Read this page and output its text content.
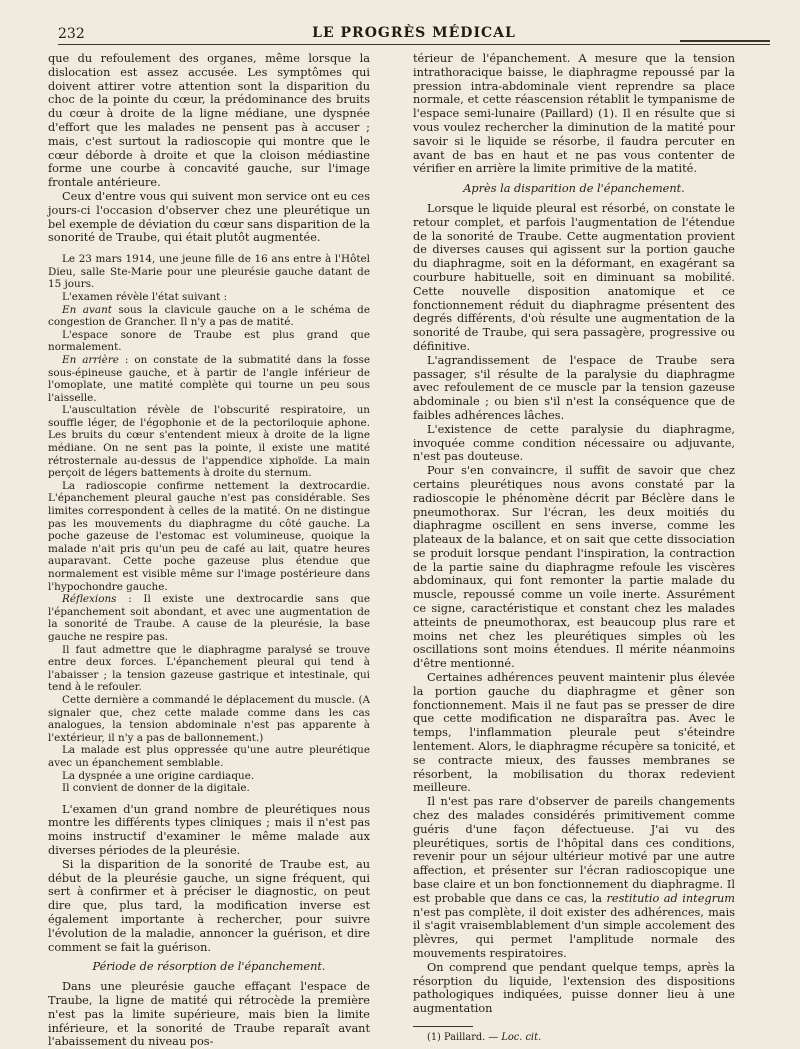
232	LE PROGRÈS MÉDICAL

que du refoulement des organes, même lorsque la dislocation est assez accusée. Les symptômes qui doivent attirer votre attention sont la disparition du choc de la pointe du cœur, la prédominance des bruits du cœur à droite de la ligne médiane, une dyspnée d'effort que les malades ne pensent pas à accuser ; mais, c'est surtout la radioscopie qui montre que le cœur déborde à droite et que la cloison médiastine forme une courbe à concavité gauche, sur l'image frontale antérieure.

Ceux d'entre vous qui suivent mon service ont eu ces jours-ci l'occasion d'observer chez une pleurétique un bel exemple de déviation du cœur sans disparition de la sonorité de Traube, qui était plutôt augmentée.

Le 23 mars 1914, une jeune fille de 16 ans entre à l'Hôtel Dieu, salle Ste-Marie pour une pleurésie gauche datant de 15 jours.

L'examen révèle l'état suivant :

En avant sous la clavicule gauche on a le schéma de congestion de Grancher. Il n'y a pas de matité.

L'espace sonore de Traube est plus grand que normalement.

En arrière : on constate de la submatité dans la fosse sous-épineuse gauche, et à partir de l'angle inférieur de l'omoplate, une matité complète qui tourne un peu sous l'aisselle.

L'auscultation révèle de l'obscurité respiratoire, un souffle léger, de l'égophonie et de la pectoriloquie aphone. Les bruits du cœur s'entendent mieux à droite de la ligne médiane. On ne sent pas la pointe, il existe une matité rétrosternale au-dessus de l'appendice xiphoïde. La main perçoit de légers battements à droite du sternum.

La radioscopie confirme nettement la dextrocardie. L'épanchement pleural gauche n'est pas considérable. Ses limites correspondent à celles de la matité. On ne distingue pas les mouvements du diaphragme du côté gauche. La poche gazeuse de l'estomac est volumineuse, quoique la malade n'ait pris qu'un peu de café au lait, quatre heures auparavant. Cette poche gazeuse plus étendue que normalement est visible même sur l'image postérieure dans l'hypochondre gauche.

Réflexions : Il existe une dextrocardie sans que l'épanchement soit abondant, et avec une augmentation de la sonorité de Traube. A cause de la pleurésie, la base gauche ne respire pas.

Il faut admettre que le diaphragme paralysé se trouve entre deux forces. L'épanchement pleural qui tend à l'abaisser ; la tension gazeuse gastrique et intestinale, qui tend à le refouler.

Cette dernière a commandé le déplacement du muscle. (A signaler que, chez cette malade comme dans les cas analogues, la tension abdominale n'est pas apparente à l'extérieur, il n'y a pas de ballonnement.)

La malade est plus oppressée qu'une autre pleurétique avec un épanchement semblable.

La dyspnée a une origine cardiaque.

Il convient de donner de la digitale.

L'examen d'un grand nombre de pleurétiques nous montre les différents types cliniques ; mais il n'est pas moins instructif d'examiner le même malade aux diverses périodes de la pleurésie.

Si la disparition de la sonorité de Traube est, au début de la pleurésie gauche, un signe fréquent, qui sert à confirmer et à préciser le diagnostic, on peut dire que, plus tard, la modification inverse est également importante à rechercher, pour suivre l'évolution de la maladie, annoncer la guérison, et dire comment se fait la guérison.

Période de résorption de l'épanchement.

Dans une pleurésie gauche effaçant l'espace de Traube, la ligne de matité qui rétrocède la première n'est pas la limite supérieure, mais bien la limite inférieure, et la sonorité de Traube reparaît avant l'abaissement du niveau pos-

térieur de l'épanchement. A mesure que la tension intrathoracique baisse, le diaphragme repoussé par la pression intra-abdominale vient reprendre sa place normale, et cette réascension rétablit le tympanisme de l'espace semi-lunaire (Paillard) (1). Il en résulte que si vous voulez rechercher la diminution de la matité pour savoir si le liquide se résorbe, il faudra percuter en avant de bas en haut et ne pas vous contenter de vérifier en arrière la limite primitive de la matité.

Après la disparition de l'épanchement.

Lorsque le liquide pleural est résorbé, on constate le retour complet, et parfois l'augmentation de l'étendue de la sonorité de Traube. Cette augmentation provient de diverses causes qui agissent sur la portion gauche du diaphragme, soit en la déformant, en exagérant sa courbure habituelle, soit en diminuant sa mobilité. Cette nouvelle disposition anatomique et ce fonctionnement réduit du diaphragme présentent des degrés différents, d'où résulte une augmentation de la sonorité de Traube, qui sera passagère, progressive ou définitive.

L'agrandissement de l'espace de Traube sera passager, s'il résulte de la paralysie du diaphragme avec refoulement de ce muscle par la tension gazeuse abdominale ; ou bien s'il n'est la conséquence que de faibles adhérences lâches.

L'existence de cette paralysie du diaphragme, invoquée comme condition nécessaire ou adjuvante, n'est pas douteuse.

Pour s'en convaincre, il suffit de savoir que chez certains pleurétiques nous avons constaté par la radioscopie le phénomène décrit par Béclère dans le pneumothorax. Sur l'écran, les deux moitiés du diaphragme oscillent en sens inverse, comme les plateaux de la balance, et on sait que cette dissociation se produit lorsque pendant l'inspiration, la contraction de la partie saine du diaphragme refoule les viscères abdominaux, qui font remonter la partie malade du muscle, repoussé comme un voile inerte. Assurément ce signe, caractéristique et constant chez les malades atteints de pneumothorax, est beaucoup plus rare et moins net chez les pleurétiques simples où les oscillations sont moins étendues. Il mérite néanmoins d'être mentionné.

Certaines adhérences peuvent maintenir plus élevée la portion gauche du diaphragme et gêner son fonctionnement. Mais il ne faut pas se presser de dire que cette modification ne disparaîtra pas. Avec le temps, l'inflammation pleurale peut s'éteindre lentement. Alors, le diaphragme récupère sa tonicité, et se contracte mieux, des fausses membranes se résorbent, la mobilisation du thorax redevient meilleure.

Il n'est pas rare d'observer de pareils changements chez des malades considérés primitivement comme guéris d'une façon défectueuse. J'ai vu des pleurétiques, sortis de l'hôpital dans ces conditions, revenir pour un séjour ultérieur motivé par une autre affection, et présenter sur l'écran radioscopique une base claire et un bon fonctionnement du diaphragme. Il est probable que dans ce cas, la restitutio ad integrum n'est pas complète, il doit exister des adhérences, mais il s'agit vraisemblablement d'un simple accolement des plèvres, qui permet l'amplitude normale des mouvements respiratoires.

On comprend que pendant quelque temps, après la résorption du liquide, l'extension des dispositions pathologiques indiquées, puisse donner lieu à une augmentation

(1) Paillard. — Loc. cit.
